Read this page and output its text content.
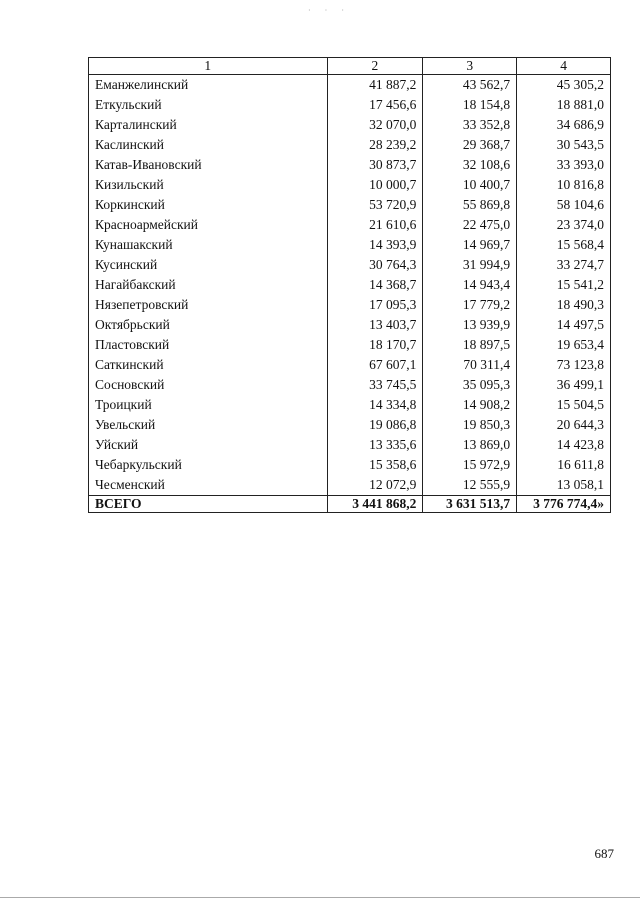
· · ·
1	2	3	4
Еманжелинский	41 887,2	43 562,7	45 305,2
Еткульский	17 456,6	18 154,8	18 881,0
Карталинский	32 070,0	33 352,8	34 686,9
Каслинский	28 239,2	29 368,7	30 543,5
Катав-Ивановский	30 873,7	32 108,6	33 393,0
Кизильский	10 000,7	10 400,7	10 816,8
Коркинский	53 720,9	55 869,8	58 104,6
Красноармейский	21 610,6	22 475,0	23 374,0
Кунашакский	14 393,9	14 969,7	15 568,4
Кусинский	30 764,3	31 994,9	33 274,7
Нагайбакский	14 368,7	14 943,4	15 541,2
Нязепетровский	17 095,3	17 779,2	18 490,3
Октябрьский	13 403,7	13 939,9	14 497,5
Пластовский	18 170,7	18 897,5	19 653,4
Саткинский	67 607,1	70 311,4	73 123,8
Сосновский	33 745,5	35 095,3	36 499,1
Троицкий	14 334,8	14 908,2	15 504,5
Увельский	19 086,8	19 850,3	20 644,3
Уйский	13 335,6	13 869,0	14 423,8
Чебаркульский	15 358,6	15 972,9	16 611,8
Чесменский	12 072,9	12 555,9	13 058,1
ВСЕГО	3 441 868,2	3 631 513,7	3 776 774,4»
687
